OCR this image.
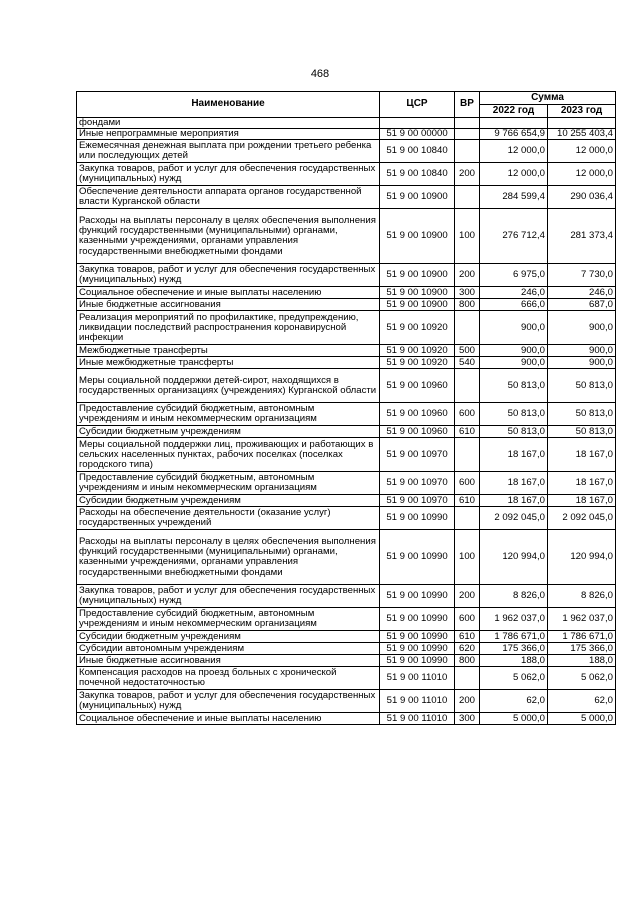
468
Наименование	ЦСР	ВР	Сумма	
			2022 год	2023 год
фондами				
Иные непрограммные мероприятия	51 9 00 00000		9 766 654,9	10 255 403,4
Ежемесячная денежная выплата при рождении третьего ребенка или последующих детей	51 9 00 10840		12 000,0	12 000,0
Закупка товаров, работ и услуг для обеспечения государственных (муниципальных) нужд	51 9 00 10840	200	12 000,0	12 000,0
Обеспечение деятельности аппарата органов государственной власти Курганской области	51 9 00 10900		284 599,4	290 036,4
Расходы на выплаты персоналу в целях обеспечения выполнения функций государственными (муниципальными) органами, казенными учреждениями, органами управления государственными внебюджетными фондами	51 9 00 10900	100	276 712,4	281 373,4
Закупка товаров, работ и услуг для обеспечения государственных (муниципальных) нужд	51 9 00 10900	200	6 975,0	7 730,0
Социальное обеспечение и иные выплаты населению	51 9 00 10900	300	246,0	246,0
Иные бюджетные ассигнования	51 9 00 10900	800	666,0	687,0
Реализация мероприятий по профилактике, предупреждению, ликвидации последствий распространения коронавирусной инфекции	51 9 00 10920		900,0	900,0
Межбюджетные трансферты	51 9 00 10920	500	900,0	900,0
Иные межбюджетные трансферты	51 9 00 10920	540	900,0	900,0
Меры социальной поддержки детей-сирот, находящихся в государственных организациях (учреждениях) Курганской области	51 9 00 10960		50 813,0	50 813,0
Предоставление субсидий бюджетным, автономным учреждениям и иным некоммерческим организациям	51 9 00 10960	600	50 813,0	50 813,0
Субсидии бюджетным учреждениям	51 9 00 10960	610	50 813,0	50 813,0
Меры социальной поддержки лиц, проживающих и работающих в сельских населенных пунктах, рабочих поселках (поселках городского типа)	51 9 00 10970		18 167,0	18 167,0
Предоставление субсидий бюджетным, автономным учреждениям и иным некоммерческим организациям	51 9 00 10970	600	18 167,0	18 167,0
Субсидии бюджетным учреждениям	51 9 00 10970	610	18 167,0	18 167,0
Расходы на обеспечение деятельности (оказание услуг) государственных учреждений	51 9 00 10990		2 092 045,0	2 092 045,0
Расходы на выплаты персоналу в целях обеспечения выполнения функций государственными (муниципальными) органами, казенными учреждениями, органами управления государственными внебюджетными фондами	51 9 00 10990	100	120 994,0	120 994,0
Закупка товаров, работ и услуг для обеспечения государственных (муниципальных) нужд	51 9 00 10990	200	8 826,0	8 826,0
Предоставление субсидий бюджетным, автономным учреждениям и иным некоммерческим организациям	51 9 00 10990	600	1 962 037,0	1 962 037,0
Субсидии бюджетным учреждениям	51 9 00 10990	610	1 786 671,0	1 786 671,0
Субсидии автономным учреждениям	51 9 00 10990	620	175 366,0	175 366,0
Иные бюджетные ассигнования	51 9 00 10990	800	188,0	188,0
Компенсация расходов на проезд больных с хронической почечной недостаточностью	51 9 00 11010		5 062,0	5 062,0
Закупка товаров, работ и услуг для обеспечения государственных (муниципальных) нужд	51 9 00 11010	200	62,0	62,0
Социальное обеспечение и иные выплаты населению	51 9 00 11010	300	5 000,0	5 000,0
